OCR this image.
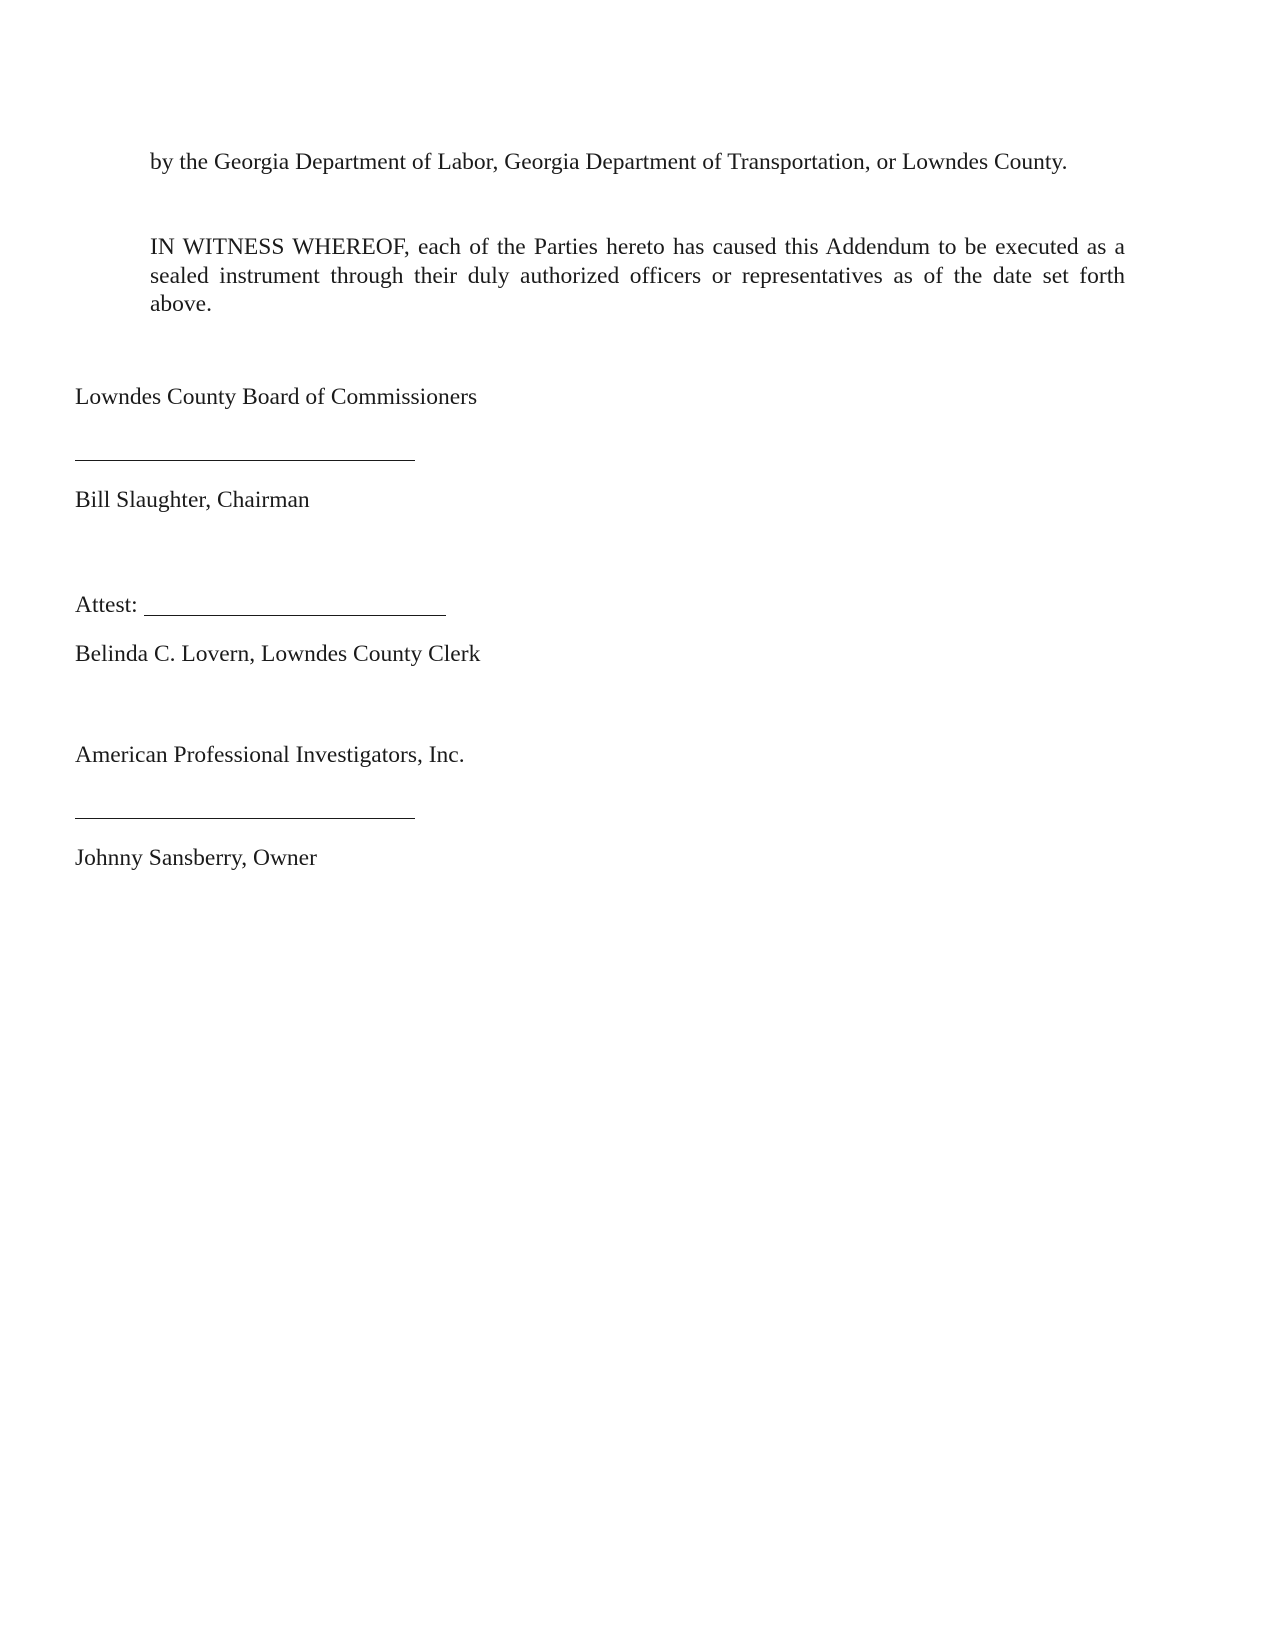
by the Georgia Department of Labor, Georgia Department of Transportation, or Lowndes County.

IN WITNESS WHEREOF, each of the Parties hereto has caused this Addendum to be executed as a sealed instrument through their duly authorized officers or representatives as of the date set forth above.

Lowndes County Board of Commissioners

Bill Slaughter, Chairman

Attest:

Belinda C. Lovern, Lowndes County Clerk

American Professional Investigators, Inc.

Johnny Sansberry, Owner
